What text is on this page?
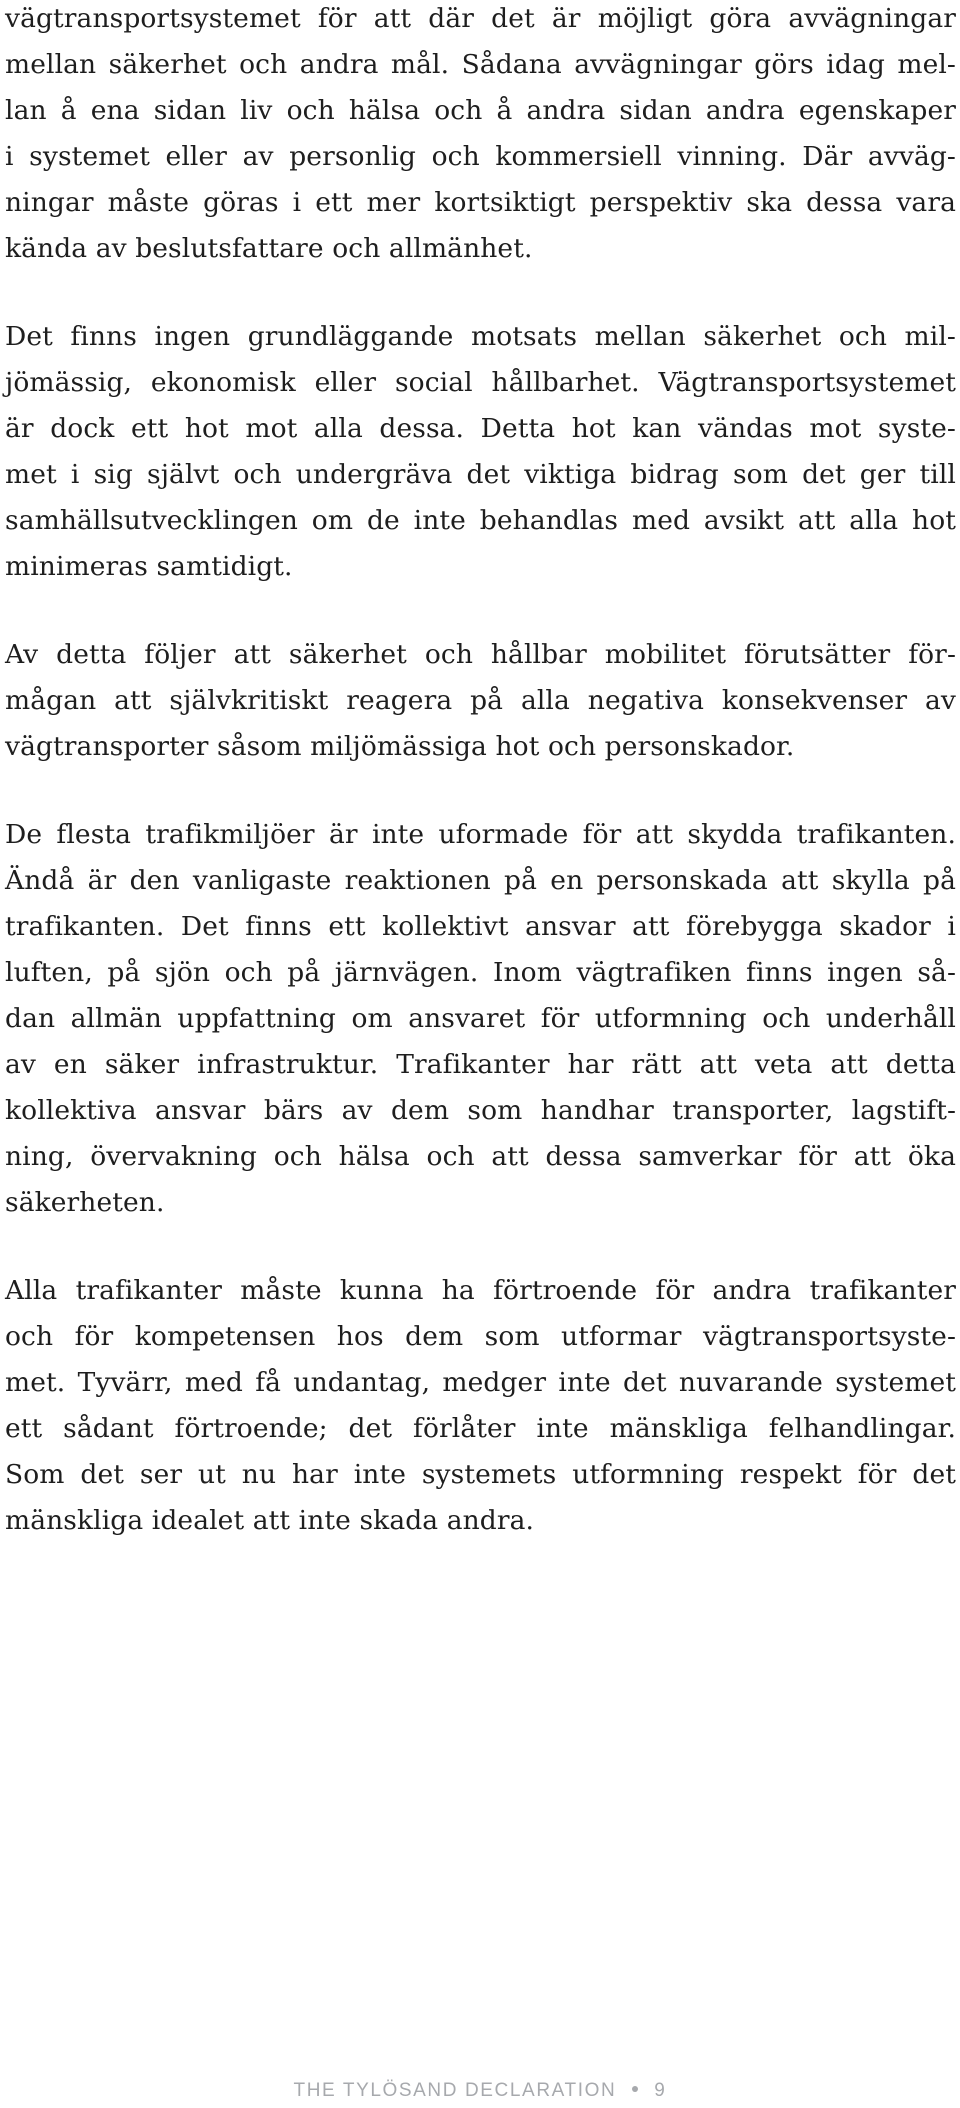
vägtransportsystemet för att där det är möjligt göra avvägningar
mellan säkerhet och andra mål. Sådana avvägningar görs idag mel-
lan å ena sidan liv och hälsa och å andra sidan andra egenskaper
i systemet eller av personlig och kommersiell vinning. Där avväg-
ningar måste göras i ett mer kortsiktigt perspektiv ska dessa vara
kända av beslutsfattare och allmänhet.

Det finns ingen grundläggande motsats mellan säkerhet och mil-
jömässig, ekonomisk eller social hållbarhet. Vägtransportsystemet
är dock ett hot mot alla dessa. Detta hot kan vändas mot syste-
met i sig självt och undergräva det viktiga bidrag som det ger till
samhällsutvecklingen om de inte behandlas med avsikt att alla hot
minimeras samtidigt.

Av detta följer att säkerhet och hållbar mobilitet förutsätter för-
mågan att självkritiskt reagera på alla negativa konsekvenser av
vägtransporter såsom miljömässiga hot och personskador.

De flesta trafikmiljöer är inte uformade för att skydda trafikanten.
Ändå är den vanligaste reaktionen på en personskada att skylla på
trafikanten. Det finns ett kollektivt ansvar att förebygga skador i
luften, på sjön och på järnvägen. Inom vägtrafiken finns ingen så-
dan allmän uppfattning om ansvaret för utformning och underhåll
av en säker infrastruktur. Trafikanter har rätt att veta att detta
kollektiva ansvar bärs av dem som handhar transporter, lagstift-
ning, övervakning och hälsa och att dessa samverkar för att öka
säkerheten.

Alla trafikanter måste kunna ha förtroende för andra trafikanter
och för kompetensen hos dem som utformar vägtransportsyste-
met. Tyvärr, med få undantag, medger inte det nuvarande systemet
ett sådant förtroende; det förlåter inte mänskliga felhandlingar.
Som det ser ut nu har inte systemets utformning respekt för det
mänskliga idealet att inte skada andra.

THE TYLÖSAND DECLARATION 9
